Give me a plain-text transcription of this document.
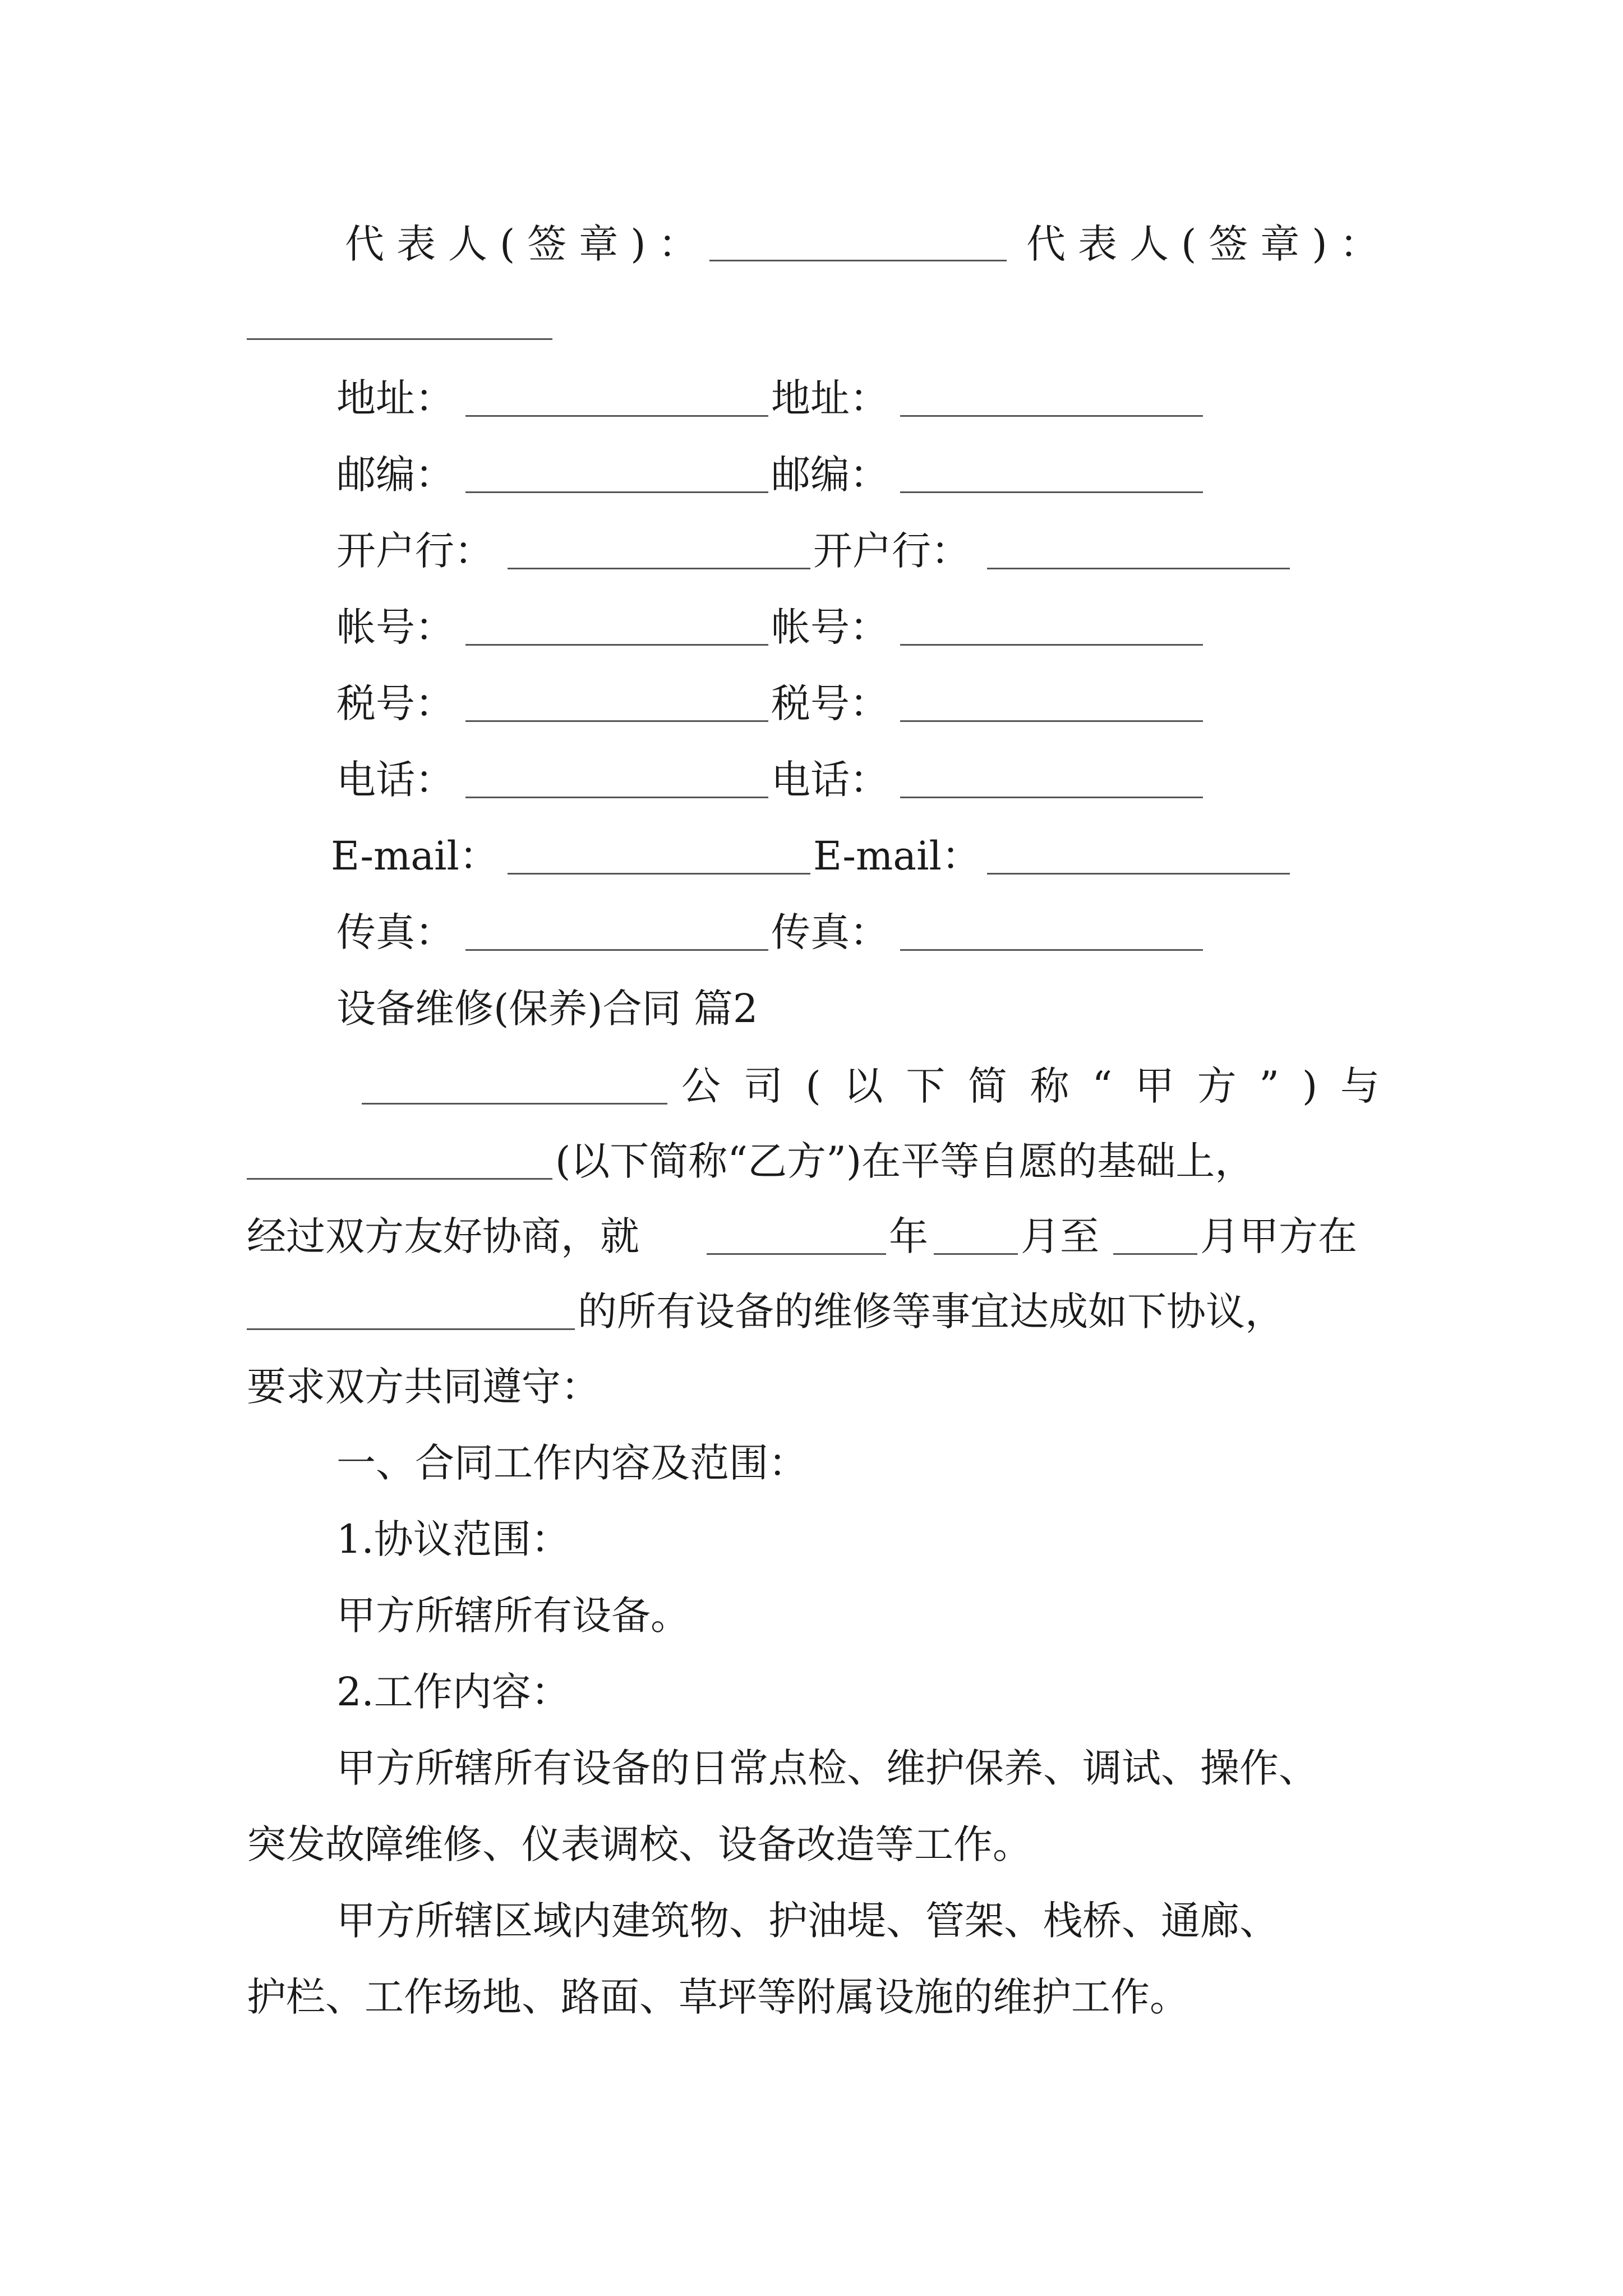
代表人(签章)：	代表人(签章)：
地址：	地址：
邮编：	邮编：
开户行：	开户行：
帐号：	帐号：
税号：	税号：
电话：	电话：
E-mail：	E-mail：
传真：	传真：
设备维修(保养)合同 篇2
公 司 ( 以 下 简 称 “ 甲 方 ” ) 与
(以下简称“乙方”)在平等自愿的基础上，
经过双方友好协商，就	年 月至	月甲方在
的所有设备的维修等事宜达成如下协议，
要求双方共同遵守：
一、合同工作内容及范围：
1.协议范围：
甲方所辖所有设备。
2.工作内容：
甲方所辖所有设备的日常点检、维护保养、调试、操作、
突发故障维修、仪表调校、设备改造等工作。
甲方所辖区域内建筑物、护油堤、管架、栈桥、通廊、
护栏、工作场地、路面、草坪等附属设施的维护工作。
